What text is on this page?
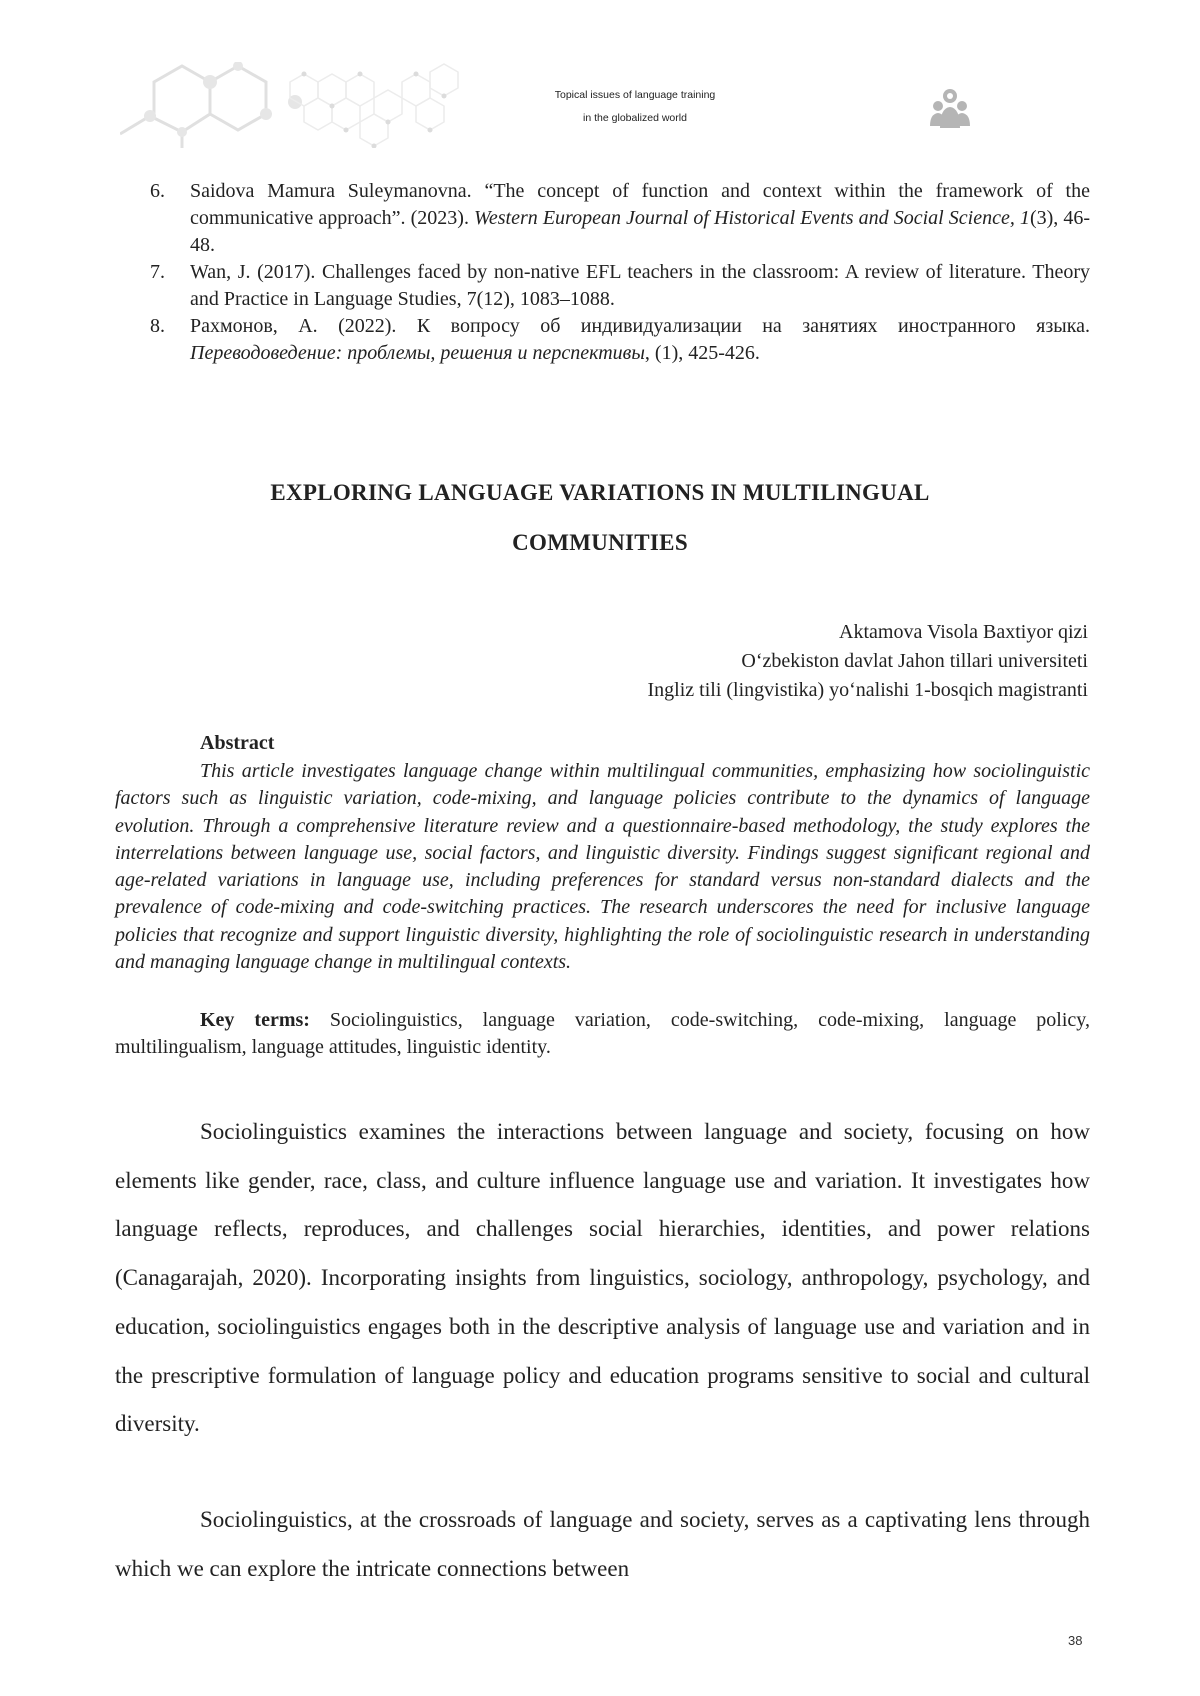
Topical issues of language training
in the globalized world
6. Saidova Mamura Suleymanovna. “The concept of function and context within the framework of the communicative approach”. (2023). Western European Journal of Historical Events and Social Science, 1(3), 46-48.
7. Wan, J. (2017). Challenges faced by non-native EFL teachers in the classroom: A review of literature. Theory and Practice in Language Studies, 7(12), 1083–1088.
8. Рахмонов, А. (2022). К вопросу об индивидуализации на занятиях иностранного языка. Переводоведение: проблемы, решения и перспективы, (1), 425-426.
EXPLORING LANGUAGE VARIATIONS IN MULTILINGUAL
COMMUNITIES
Aktamova Visola Baxtiyor qizi
O‘zbekiston davlat Jahon tillari universiteti
Ingliz tili (lingvistika) yo‘nalishi 1-bosqich magistranti
Abstract
This article investigates language change within multilingual communities, emphasizing how sociolinguistic factors such as linguistic variation, code-mixing, and language policies contribute to the dynamics of language evolution. Through a comprehensive literature review and a questionnaire-based methodology, the study explores the interrelations between language use, social factors, and linguistic diversity. Findings suggest significant regional and age-related variations in language use, including preferences for standard versus non-standard dialects and the prevalence of code-mixing and code-switching practices. The research underscores the need for inclusive language policies that recognize and support linguistic diversity, highlighting the role of sociolinguistic research in understanding and managing language change in multilingual contexts.
Key terms: Sociolinguistics, language variation, code-switching, code-mixing, language policy, multilingualism, language attitudes, linguistic identity.

Sociolinguistics examines the interactions between language and society, focusing on how elements like gender, race, class, and culture influence language use and variation. It investigates how language reflects, reproduces, and challenges social hierarchies, identities, and power relations (Canagarajah, 2020). Incorporating insights from linguistics, sociology, anthropology, psychology, and education, sociolinguistics engages both in the descriptive analysis of language use and variation and in the prescriptive formulation of language policy and education programs sensitive to social and cultural diversity.

Sociolinguistics, at the crossroads of language and society, serves as a captivating lens through which we can explore the intricate connections between

38
